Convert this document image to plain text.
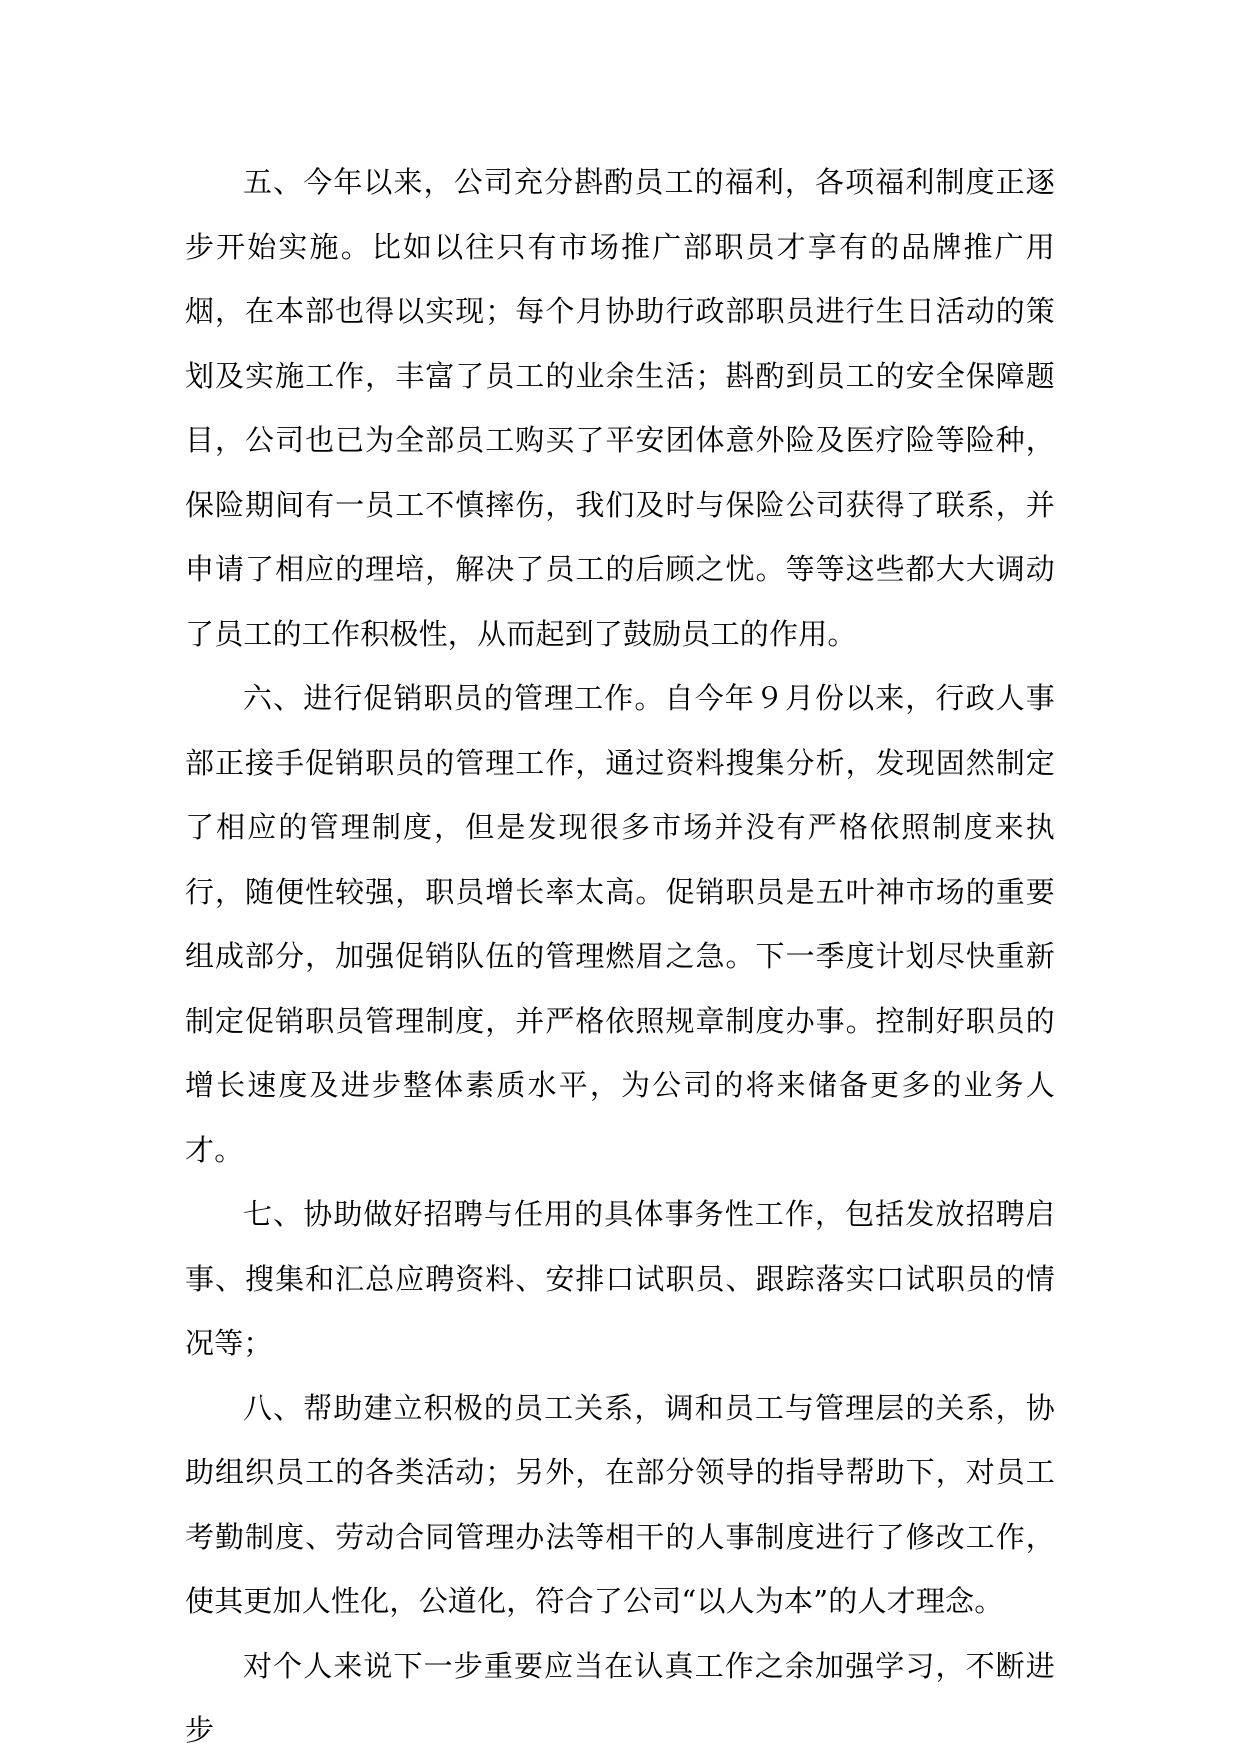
五、今年以来，公司充分斟酌员工的福利，各项福利制度正逐步开始实施。比如以往只有市场推广部职员才享有的品牌推广用烟，在本部也得以实现；每个月协助行政部职员进行生日活动的策划及实施工作，丰富了员工的业余生活；斟酌到员工的安全保障题目，公司也已为全部员工购买了平安团体意外险及医疗险等险种，保险期间有一员工不慎摔伤，我们及时与保险公司获得了联系，并申请了相应的理培，解决了员工的后顾之忧。等等这些都大大调动了员工的工作积极性，从而起到了鼓励员工的作用。

六、进行促销职员的管理工作。自今年９月份以来，行政人事部正接手促销职员的管理工作，通过资料搜集分析，发现固然制定了相应的管理制度，但是发现很多市场并没有严格依照制度来执行，随便性较强，职员增长率太高。促销职员是五叶神市场的重要组成部分，加强促销队伍的管理燃眉之急。下一季度计划尽快重新制定促销职员管理制度，并严格依照规章制度办事。控制好职员的增长速度及进步整体素质水平，为公司的将来储备更多的业务人才。

七、协助做好招聘与任用的具体事务性工作，包括发放招聘启事、搜集和汇总应聘资料、安排口试职员、跟踪落实口试职员的情况等；

八、帮助建立积极的员工关系，调和员工与管理层的关系，协助组织员工的各类活动；另外，在部分领导的指导帮助下，对员工考勤制度、劳动合同管理办法等相干的人事制度进行了修改工作，使其更加人性化，公道化，符合了公司“以人为本”的人才理念。

对个人来说下一步重要应当在认真工作之余加强学习，不断进步
